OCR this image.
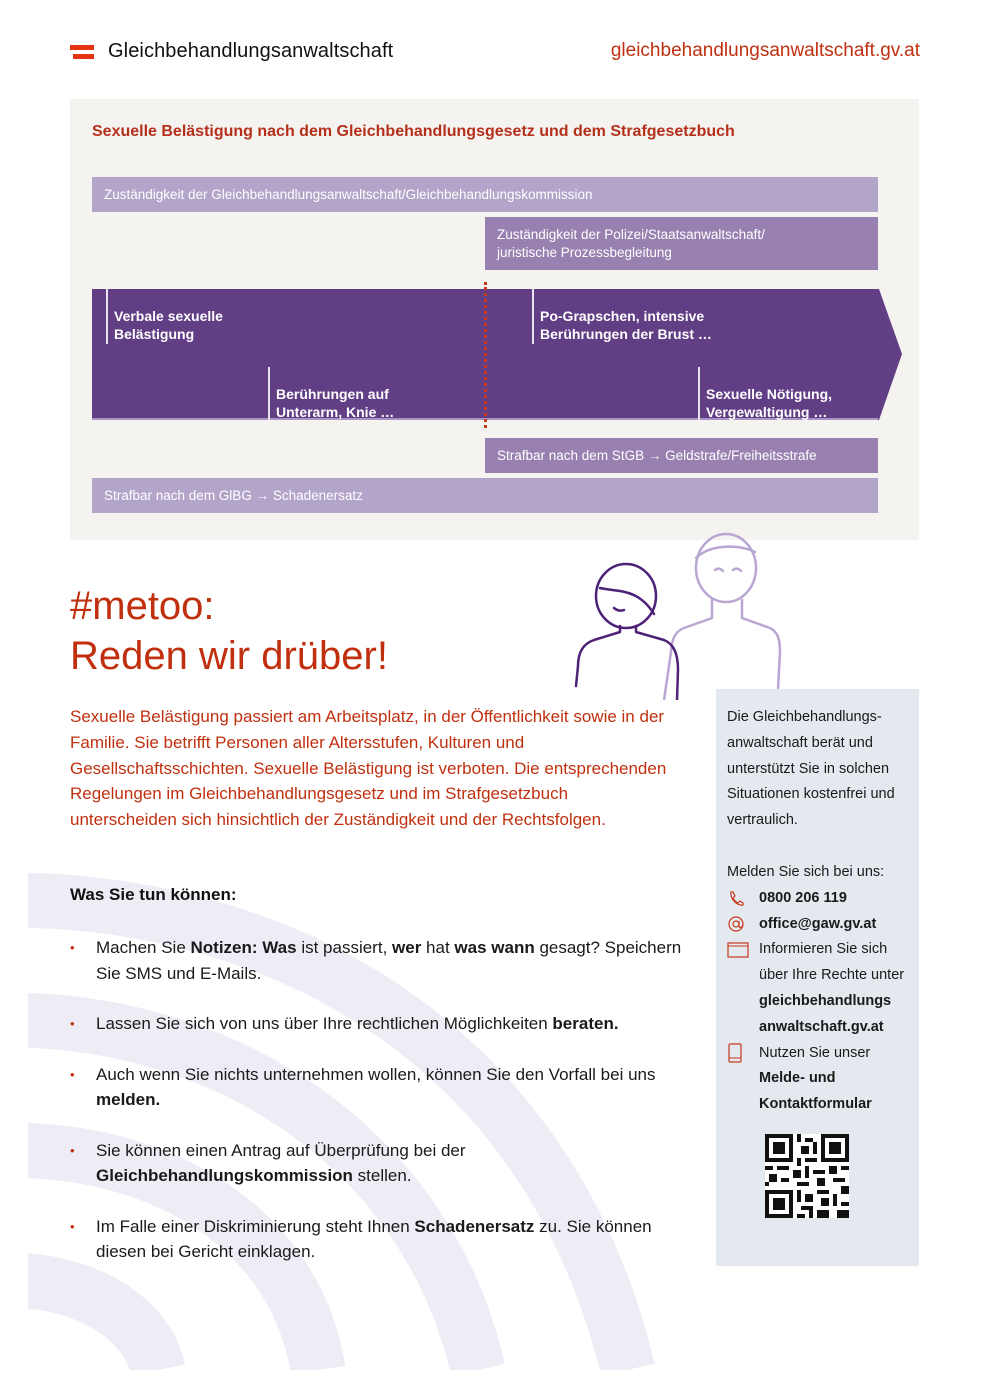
Gleichbehandlungsanwaltschaft	gleichbehandlungsanwaltschaft.gv.at
Sexuelle Belästigung nach dem Gleichbehandlungsgesetz und dem Strafgesetzbuch
Zuständigkeit der Gleichbehandlungsanwaltschaft/Gleichbehandlungskommission
Zuständigkeit der Polizei/Staatsanwaltschaft/
juristische Prozessbegleitung
Verbale sexuelle
Belästigung
Berührungen auf
Unterarm, Knie …
Po-Grapschen, intensive
Berührungen der Brust …
Sexuelle Nötigung,
Vergewaltigung …
Strafbar nach dem StGB → Geldstrafe/Freiheitsstrafe
Strafbar nach dem GlBG → Schadenersatz
#metoo:
Reden wir drüber!

Sexuelle Belästigung passiert am Arbeitsplatz, in der Öffentlichkeit sowie in der Familie. Sie betrifft Personen aller Altersstufen, Kulturen und Gesellschaftsschichten. Sexuelle Belästigung ist verboten. Die entsprechenden Regelungen im Gleichbehandlungsgesetz und im Strafgesetzbuch unterscheiden sich hinsichtlich der Zuständigkeit und der Rechtsfolgen.

Was Sie tun können:
• Machen Sie Notizen: Was ist passiert, wer hat was wann gesagt? Speichern Sie SMS und E-Mails.
• Lassen Sie sich von uns über Ihre rechtlichen Möglichkeiten beraten.
• Auch wenn Sie nichts unternehmen wollen, können Sie den Vorfall bei uns melden.
• Sie können einen Antrag auf Überprüfung bei der Gleichbehandlungskommission stellen.
• Im Falle einer Diskriminierung steht Ihnen Schadenersatz zu. Sie können diesen bei Gericht einklagen.

Die Gleichbehandlungs-anwaltschaft berät und unterstützt Sie in solchen Situationen kostenfrei und vertraulich.

Melden Sie sich bei uns:

0800 206 119
office@gaw.gv.at
Informieren Sie sich über Ihre Rechte unter
gleichbehandlungs
anwaltschaft.gv.at
Nutzen Sie unser
Melde- und Kontaktformular
